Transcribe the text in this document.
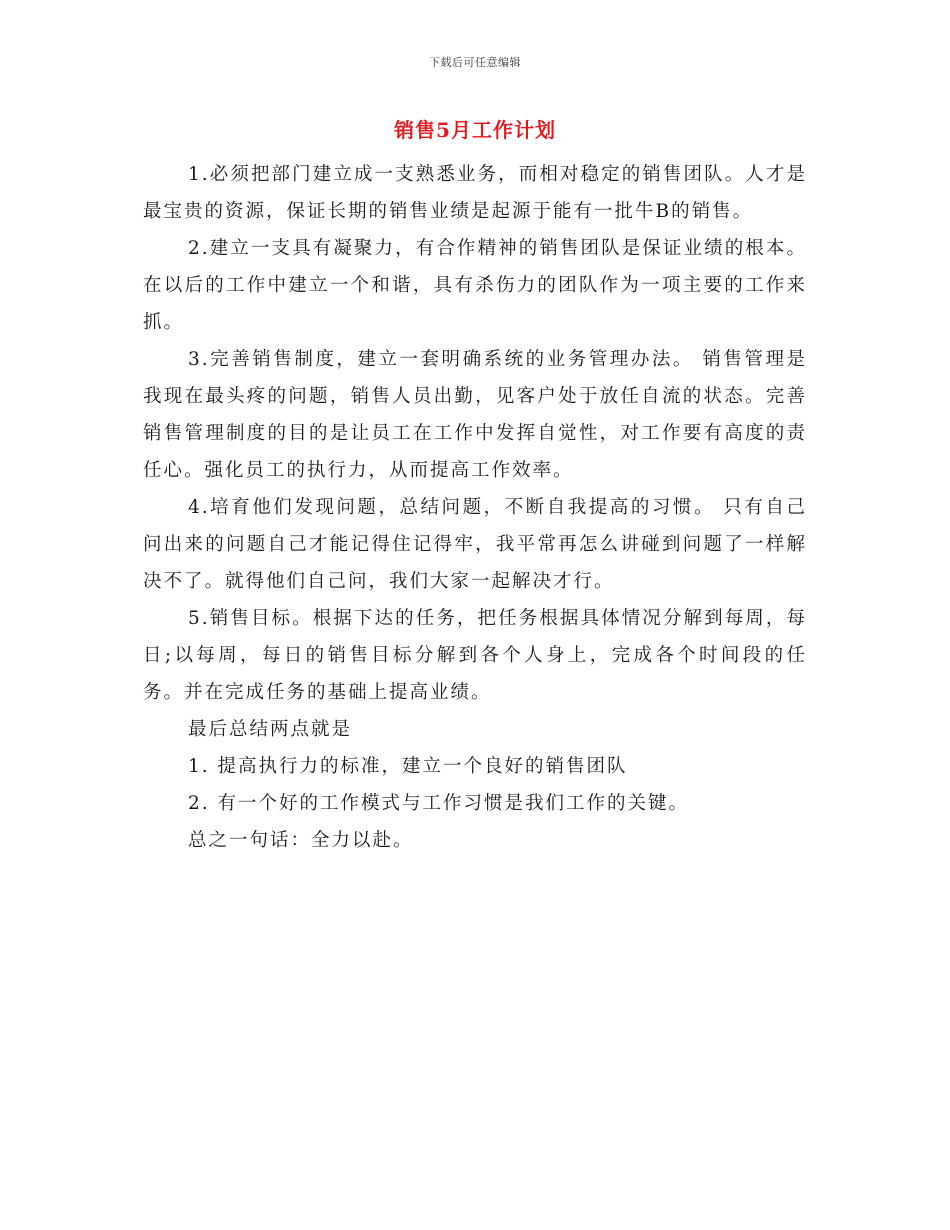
下载后可任意编辑
销售5月工作计划

1.必须把部门建立成一支熟悉业务，而相对稳定的销售团队。人才是最宝贵的资源，保证长期的销售业绩是起源于能有一批牛B的销售。

2.建立一支具有凝聚力，有合作精神的销售团队是保证业绩的根本。在以后的工作中建立一个和谐，具有杀伤力的团队作为一项主要的工作来抓。

3.完善销售制度，建立一套明确系统的业务管理办法。 销售管理是我现在最头疼的问题，销售人员出勤，见客户处于放任自流的状态。完善销售管理制度的目的是让员工在工作中发挥自觉性，对工作要有高度的责任心。强化员工的执行力，从而提高工作效率。

4.培育他们发现问题，总结问题，不断自我提高的习惯。 只有自己问出来的问题自己才能记得住记得牢，我平常再怎么讲碰到问题了一样解决不了。就得他们自己问，我们大家一起解决才行。

5.销售目标。根据下达的任务，把任务根据具体情况分解到每周，每日;以每周，每日的销售目标分解到各个人身上，完成各个时间段的任务。并在完成任务的基础上提高业绩。

最后总结两点就是

1. 提高执行力的标准，建立一个良好的销售团队

2. 有一个好的工作模式与工作习惯是我们工作的关键。

总之一句话：全力以赴。
